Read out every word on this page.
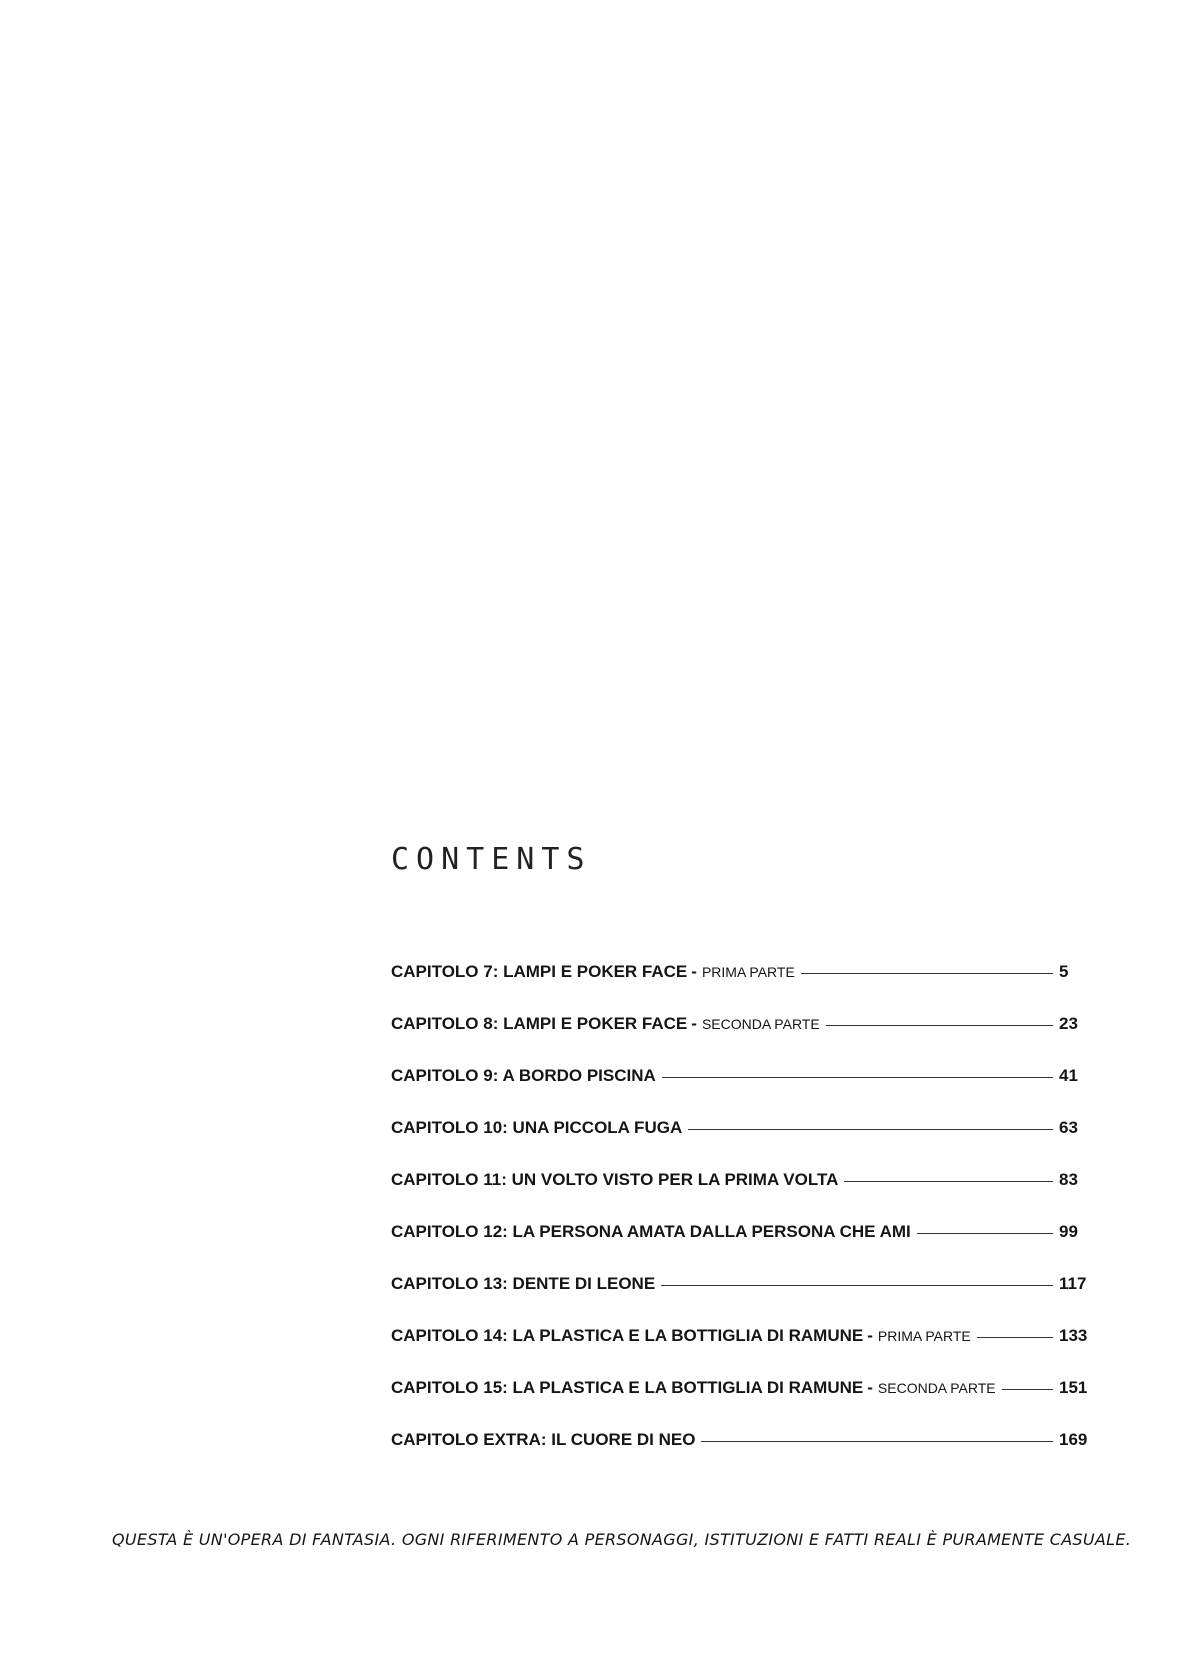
CONTENTS
CAPITOLO 7: LAMPI E POKER FACE - PRIMA PARTE	5
CAPITOLO 8: LAMPI E POKER FACE - SECONDA PARTE	23
CAPITOLO 9: A BORDO PISCINA	41
CAPITOLO 10: UNA PICCOLA FUGA	63
CAPITOLO 11: UN VOLTO VISTO PER LA PRIMA VOLTA	83
CAPITOLO 12: LA PERSONA AMATA DALLA PERSONA CHE AMI	99
CAPITOLO 13: DENTE DI LEONE	117
CAPITOLO 14: LA PLASTICA E LA BOTTIGLIA DI RAMUNE - PRIMA PARTE	133
CAPITOLO 15: LA PLASTICA E LA BOTTIGLIA DI RAMUNE - SECONDA PARTE	151
CAPITOLO EXTRA: IL CUORE DI NEO	169

QUESTA È UN'OPERA DI FANTASIA. OGNI RIFERIMENTO A PERSONAGGI, ISTITUZIONI E FATTI REALI È PURAMENTE CASUALE.
